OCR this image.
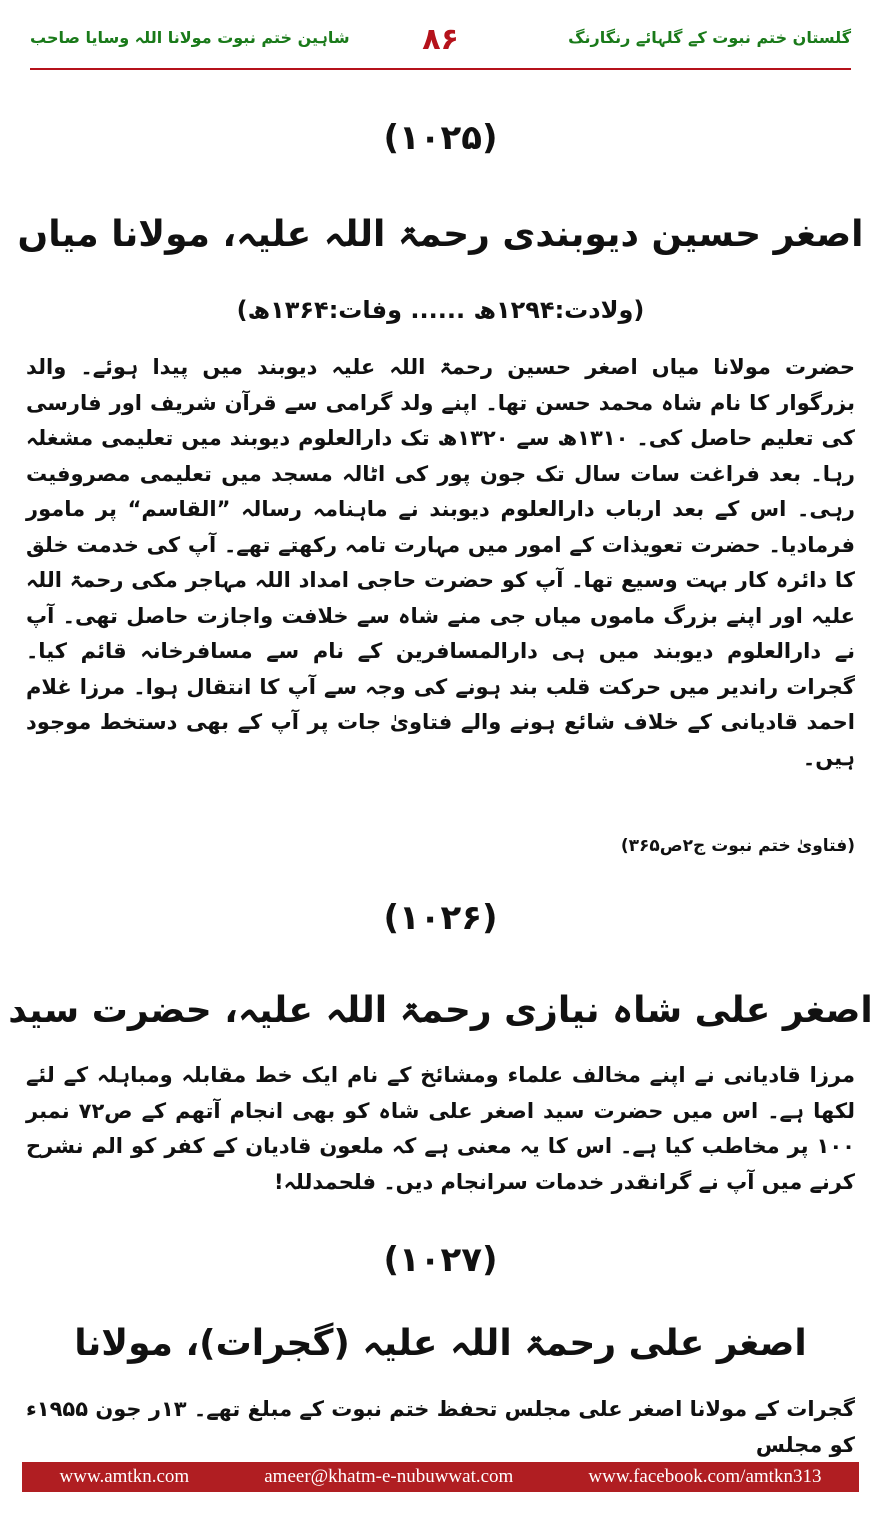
گلستان ختم نبوت کے گلہائے رنگارنگ
۸۶
شاہین ختم نبوت مولانا اللہ وسایا صاحب
(۱۰۲۵)
اصغر حسین دیوبندی رحمۃ اللہ علیہ، مولانا میاں
(ولادت:۱۲۹۴ھ ...... وفات:۱۳۶۴ھ)
حضرت مولانا میاں اصغر حسین رحمۃ اللہ علیہ دیوبند میں پیدا ہوئے۔ والد بزرگوار کا نام شاہ محمد حسن تھا۔ اپنے ولد گرامی سے قرآن شریف اور فارسی کی تعلیم حاصل کی۔ ۱۳۱۰ھ سے ۱۳۲۰ھ تک دارالعلوم دیوبند میں تعلیمی مشغلہ رہا۔ بعد فراغت سات سال تک جون پور کی اٹالہ مسجد میں تعلیمی مصروفیت رہی۔ اس کے بعد ارباب دارالعلوم دیوبند نے ماہنامہ رسالہ ”القاسم“ پر مامور فرمادیا۔ حضرت تعویذات کے امور میں مہارت تامہ رکھتے تھے۔ آپ کی خدمت خلق کا دائرہ کار بہت وسیع تھا۔ آپ کو حضرت حاجی امداد اللہ مہاجر مکی رحمۃ اللہ علیہ اور اپنے بزرگ ماموں میاں جی منے شاہ سے خلافت واجازت حاصل تھی۔ آپ نے دارالعلوم دیوبند میں ہی دارالمسافرین کے نام سے مسافرخانہ قائم کیا۔ گجرات راندیر میں حرکت قلب بند ہونے کی وجہ سے آپ کا انتقال ہوا۔ مرزا غلام احمد قادیانی کے خلاف شائع ہونے والے فتاویٰ جات پر آپ کے بھی دستخط موجود ہیں۔
(فتاویٰ ختم نبوت ج۲ص۳۶۵)
(۱۰۲۶)
اصغر علی شاہ نیازی رحمۃ اللہ علیہ، حضرت سید
مرزا قادیانی نے اپنے مخالف علماء ومشائخ کے نام ایک خط مقابلہ ومباہلہ کے لئے لکھا ہے۔ اس میں حضرت سید اصغر علی شاہ کو بھی انجام آتھم کے ص۷۲ نمبر ۱۰۰ پر مخاطب کیا ہے۔ اس کا یہ معنی ہے کہ ملعون قادیان کے کفر کو الم نشرح کرنے میں آپ نے گرانقدر خدمات سرانجام دیں۔ فلحمدللہ!
(۱۰۲۷)
اصغر علی رحمۃ اللہ علیہ (گجرات)، مولانا
گجرات کے مولانا اصغر علی مجلس تحفظ ختم نبوت کے مبلغ تھے۔ ۱۳ر جون ۱۹۵۵ء کو مجلس
www.amtkn.com	ameer@khatm-e-nubuwwat.com	www.facebook.com/amtkn313
